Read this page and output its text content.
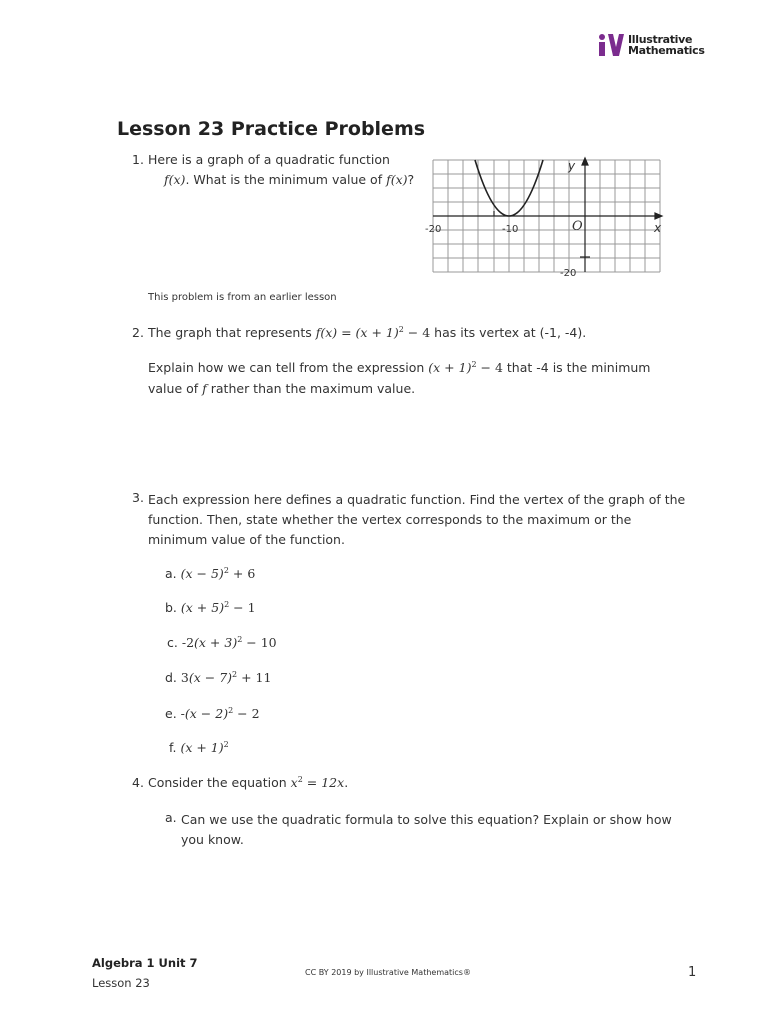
Illustrative
Mathematics
Lesson 23 Practice Problems
1. Here is a graph of a quadratic function
f(x). What is the minimum value of f(x)?
This problem is from an earlier lesson
-20	-10
-20
O	x
y
2. The graph that represents $f(x) = (x + 1)^2 - 4$ has its vertex at (-1, -4).
Explain how we can tell from the expression $(x + 1)^2 - 4$ that -4 is the minimum
value of f rather than the maximum value.
3. Each expression here defines a quadratic function. Find the vertex of the graph of the
function. Then, state whether the vertex corresponds to the maximum or the
minimum value of the function.
a. $(x - 5)^2 + 6$
b. $(x + 5)^2 - 1$
c. $-2(x + 3)^2 - 10$
d. $3(x - 7)^2 + 11$
e. $-(x - 2)^2 - 2$
f. $(x + 1)^2$
4. Consider the equation $x^2 = 12x$.
a. Can we use the quadratic formula to solve this equation? Explain or show how
you know.
Algebra 1 Unit 7
Lesson 23
CC BY 2019 by Illustrative Mathematics®	1
